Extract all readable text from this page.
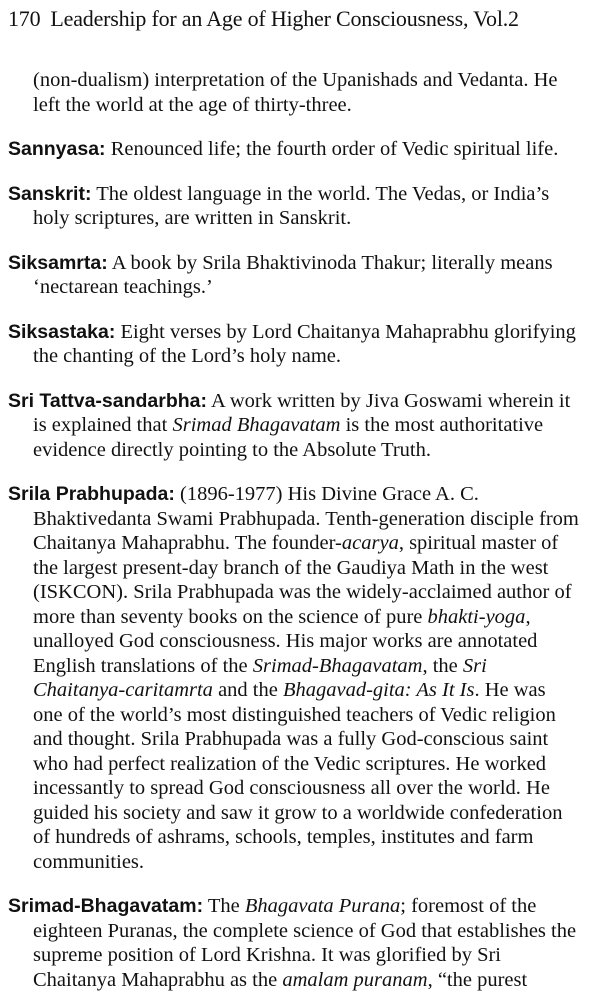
170 Leadership for an Age of Higher Consciousness, Vol.2
(non-dualism) interpretation of the Upanishads and Vedanta. He
left the world at the age of thirty-three.
Sannyasa: Renounced life; the fourth order of Vedic spiritual life.
Sanskrit: The oldest language in the world. The Vedas, or India’s
holy scriptures, are written in Sanskrit.
Siksamrta: A book by Srila Bhaktivinoda Thakur; literally means
‘nectarean teachings.’
Siksastaka: Eight verses by Lord Chaitanya Mahaprabhu glorifying
the chanting of the Lord’s holy name.
Sri Tattva-sandarbha: A work written by Jiva Goswami wherein it
is explained that Srimad Bhagavatam is the most authoritative
evidence directly pointing to the Absolute Truth.
Srila Prabhupada: (1896-1977) His Divine Grace A. C.
Bhaktivedanta Swami Prabhupada. Tenth-generation disciple from
Chaitanya Mahaprabhu. The founder-acarya, spiritual master of
the largest present-day branch of the Gaudiya Math in the west
(ISKCON). Srila Prabhupada was the widely-acclaimed author of
more than seventy books on the science of pure bhakti-yoga,
unalloyed God consciousness. His major works are annotated
English translations of the Srimad-Bhagavatam, the Sri
Chaitanya-caritamrta and the Bhagavad-gita: As It Is. He was
one of the world’s most distinguished teachers of Vedic religion
and thought. Srila Prabhupada was a fully God-conscious saint
who had perfect realization of the Vedic scriptures. He worked
incessantly to spread God consciousness all over the world. He
guided his society and saw it grow to a worldwide confederation
of hundreds of ashrams, schools, temples, institutes and farm
communities.
Srimad-Bhagavatam: The Bhagavata Purana; foremost of the
eighteen Puranas, the complete science of God that establishes the
supreme position of Lord Krishna. It was glorified by Sri
Chaitanya Mahaprabhu as the amalam puranam, “the purest
